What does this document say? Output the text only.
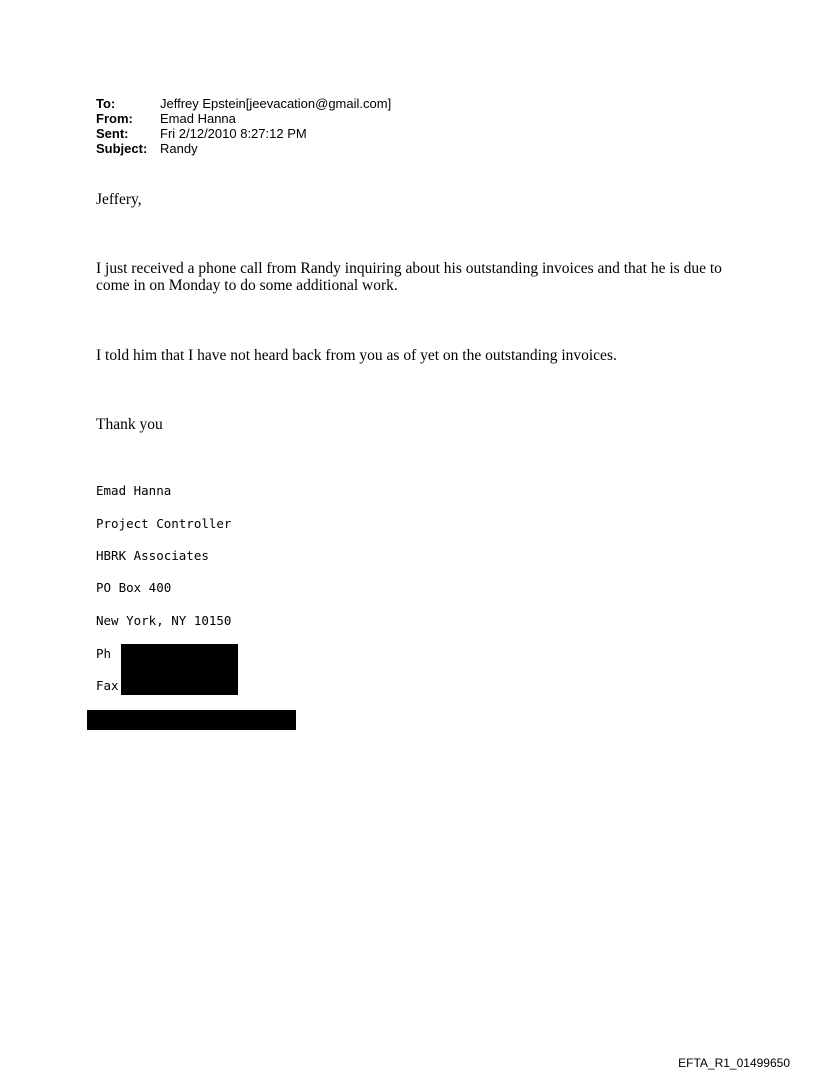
To:	Jeffrey Epstein[jeevacation@gmail.com]
From:	Emad Hanna
Sent:	Fri 2/12/2010 8:27:12 PM
Subject: Randy
Jeffery,
I just received a phone call from Randy inquiring about his outstanding invoices and that he is due to come in on Monday to do some additional work.
I told him that I have not heard back from you as of yet on the outstanding invoices.
Thank you
Emad Hanna
Project Controller
HBRK Associates
PO Box 400
New York, NY 10150
Ph
Fax
EFTA_R1_01499650
